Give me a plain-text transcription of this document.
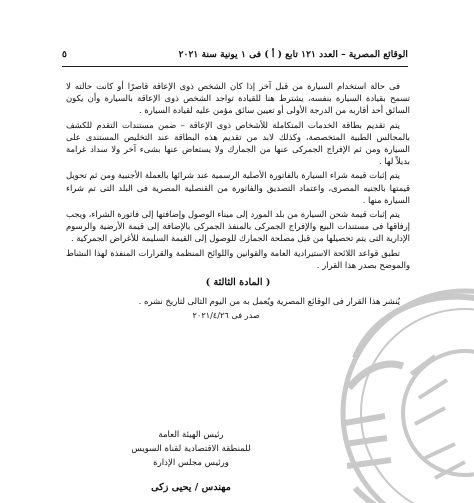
الوقائع المصرية – العدد ١٢١ تابع ( أ ) فى ١ يونية سنة ٢٠٢١
٥

فى حالة استخدام السيارة من قبل آخر إذا كان الشخص ذوى الإعاقة قاصرًا أو كانت حالته لا تسمح بقيادة السيارة بنفسه، يشترط هنا للقيادة تواجد الشخص ذوى الإعاقة بالسيارة وأن يكون السائق أحد أقاربه من الدرجة الأولى أو تعيين سائق مؤمن عليه لقيادة السيارة .

يتم تقديم بطاقة الخدمات المتكاملة للأشخاص ذوى الإعاقة – ضمن مستندات التقدم للكشف بالمجالس الطبية المتخصصة، وكذلك لابد من تقديم هذه البطاقة عند التخليص المستندى على السيارة ومن ثم الإفراج الجمركى عنها من الجمارك ولا يستعاض عنها بشىء آخر ولا سداد غرامة بديلاً لها .

يتم إثبات قيمة شراء السيارة بالفاتورة الأصلية الرسمية عند شرائها بالعملة الأجنبية ومن ثم تحويل قيمتها بالجنيه المصرى، واعتماد التصديق والفاتورة من القنصلية المصرية فى البلد التى تم شراء السيارة منها .

يتم إثبات قيمة شحن السيارة من بلد المورد إلى ميناء الوصول وإضافتها إلى فاتورة الشراء، ويجب إرفاقها فى مستندات البيع والإفراج الجمركى بالمنفذ الجمركى بالإضافة إلى قيمة الأرضية والرسوم الإدارية التى يتم تحصيلها من قبل مصلحة الجمارك للوصول إلى القيمة السليمة للأغراض الجمركية .

تطبق قواعد اللائحة الاستيرادية العامة والقوانين واللوائح المنظمة والقرارات المنفذة لهذا النشاط والموضح بصدر هذا القرار .

( المادة الثالثة )

يُنشر هذا القرار فى الوقائع المصرية ويُعمل به من اليوم التالى لتاريخ نشره .

صدر فى ٢٠٢١/٤/٢٦
رئيس الهيئة العامة
للمنطقة الاقتصادية لقناة السويس
ورئيس مجلس الإدارة
مهندس / يحيى زكى
